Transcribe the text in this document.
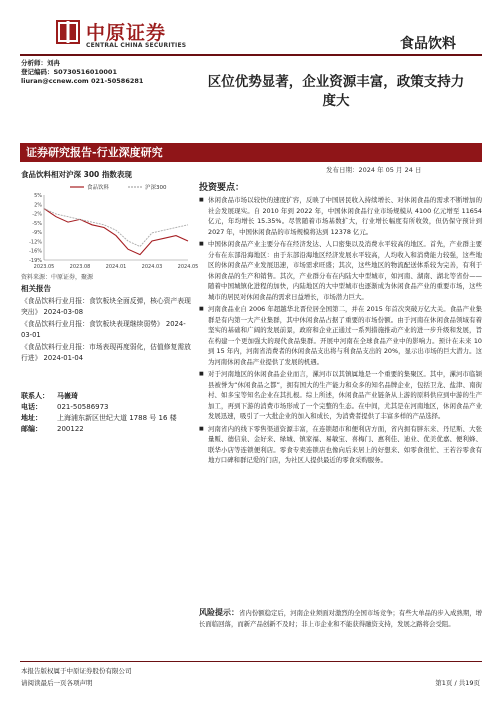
中原证券
CENTRAL CHINA SECURITIES	食品饮料
分析师：刘冉
登记编码：S0730516010001
liuran@ccnew.com 021-50586281	区位优势显著，企业资源丰富，政策支持力度大
证券研究报告-行业深度研究
发布日期：2024 年 05 月 24 日
食品饮料相对沪深 300 指数表现
5%
2%
-2%
-5%
-9%
-12%
-16%
-19%
2023.05	2023.08	2024.01	2024.03	2024.05
食品饮料	沪深300
资料来源：中原证券，聚源
相关报告
《食品饮料行业月报：食饮板块全面反弹，核心资产表现突出》 2024-03-08
《食品饮料行业月报：食饮板块表现继续弱势》 2024-03-01
《食品饮料行业月报：市场表现再度弱化，估值修复需放行进》 2024-01-04
联系人：	马嶶琦
电话：	021-50586973
地址：	上海浦东新区世纪大道 1788 号 16 楼
邮编：	200122
投资要点：
■ 休闲食品市场以较快的速度扩容，反映了中国居民收入持续增长、对休闲食品的需求不断增加的社会发展现实。自 2010 年到 2022 年，中国休闲食品行业市场规模从 4100 亿元增至 11654 亿元，年均增长 15.35%。尽管随着市场基数扩大，行业增长幅度有所收敛，但仍保守预计到 2027 年，中国休闲食品的市场规模将达到 12378 亿元。
■ 中国休闲食品产业主要分布在经济发达、人口密集以及消费水平较高的地区。首先，产业群主要分布在东部沿海地区：由于东部沿海地区经济发展水平较高，人均收入和消费能力较强，这些地区的休闲食品产业发展迅速，市场需求旺盛；其次，这些地区的物流配送体系较为完善，有利于休闲食品的生产和销售。其次，产业群分布在内陆大中型城市，如河南、湖南、湖北等省份——随着中国城镇化进程的加快，内陆地区的大中型城市也逐渐成为休闲食品产业的重要市场，这些城市的居民对休闲食品的需求日益增长，市场潜力巨大。
■ 河南食品业自 2006 年超越华北晋位居全国第二，并在 2015 年首次突破万亿大关。食品产业集群是有内第一大产业集群，其中休闲食品占据了重要的市场份额。由于河南在休闲食品领域有着坚实的基础和广阔的发展前景，政府和企业正通过一系列措施推动产业的进一步升级和发展，旨在构建一个更加强大的现代食品集群。开展中河南在全球食品产业中的影响力。预计在未来 10 到 15 年内，河南省消费者的休闲食品支出将与利食品支出的 20%，显示出市场的巨大潜力。这为河南休闲食品产业提供了发展的机遇。
■ 对于河南地区的休闲食品企业而言，漯河市以其镇属地是一个重要的集聚区。其中，漯河市临颍县被誉为“休闲食品之都”，拥有国大的生产能力和众多的知名品牌企业，包括卫龙、盐津、南街村、如多宝等知名企业在其扎根。综上所述，休闲食品产业链条从上游的原料供应到中游的生产加工，再到下游的消费市场形成了一个完整的生态。在中间，尤其是在河南地区，休闲食品产业发展迅速，吸引了一大批企业的加入和成长，为消费者提供了丰富多样的产品选择。
■ 河南省内的线下零售渠道资源丰富，在连锁超市和便利店方面，省内拥有胖东来、丹尼斯、大张量贩、德信泉、金好来、绿城、镇家福、易敏宝、喜梅门、惠利佳、迪业、优美优嘉、便利蜂、联华小店等连锁便利店。零食专卖连锁店也像向后来居上的好想来、如零食很忙、王若谷零食有地方口碑和群记爱的门店，为社区人提供最近的零食采购服务。
风险提示：省内份额稳定后，河南企业须面对激烈的全国市场竞争；有些大单品的步入成熟期，增长面临回落，而新产品创新不及时；非上市企业和不能获得融资支持，发展之路将会受阻。
本报告版权属于中原证券股份有限公司
请阅读最后一页各项声明	第1页 / 共19页
